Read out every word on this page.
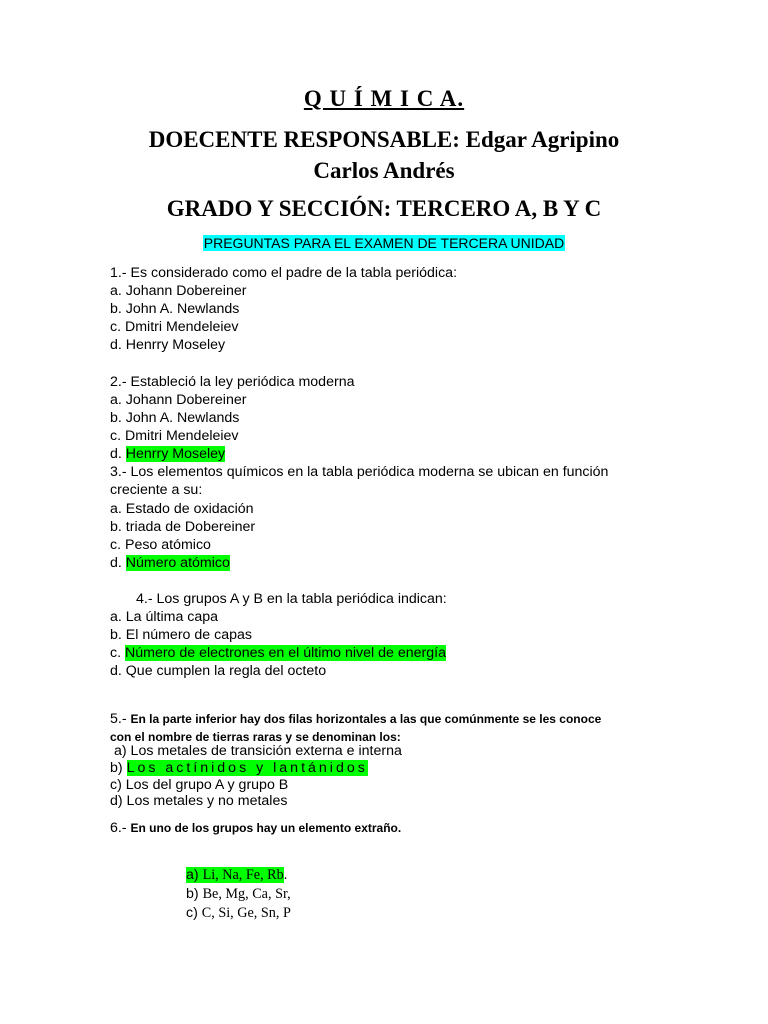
Q U Í M I C A.
DOECENTE RESPONSABLE: Edgar Agripino
Carlos Andrés
GRADO Y SECCIÓN: TERCERO A, B Y C
PREGUNTAS PARA EL EXAMEN DE TERCERA UNIDAD
1.- Es considerado como el padre de la tabla periódica:
a. Johann Dobereiner
b. John A. Newlands
c. Dmitri Mendeleiev
d. Henrry Moseley
2.- Estableció la ley periódica moderna
a. Johann Dobereiner
b. John A. Newlands
c. Dmitri Mendeleiev
d. Henrry Moseley
3.- Los elementos químicos en la tabla periódica moderna se ubican en función
creciente a su:
a. Estado de oxidación
b. triada de Dobereiner
c. Peso atómico
d. Número atómico
4.- Los grupos A y B en la tabla periódica indican:
a. La última capa
b. El número de capas
c. Número de electrones en el último nivel de energía
d. Que cumplen la regla del octeto
5.- En la parte inferior hay dos filas horizontales a las que comúnmente se les conoce
con el nombre de tierras raras y se denominan los:
a) Los metales de transición externa e interna
b) Los actínidos y lantánidos
c) Los del grupo A y grupo B
d) Los metales y no metales
6.- En uno de los grupos hay un elemento extraño.
a) Li, Na, Fe, Rb.
b) Be, Mg, Ca, Sr,
c) C, Si, Ge, Sn, P
